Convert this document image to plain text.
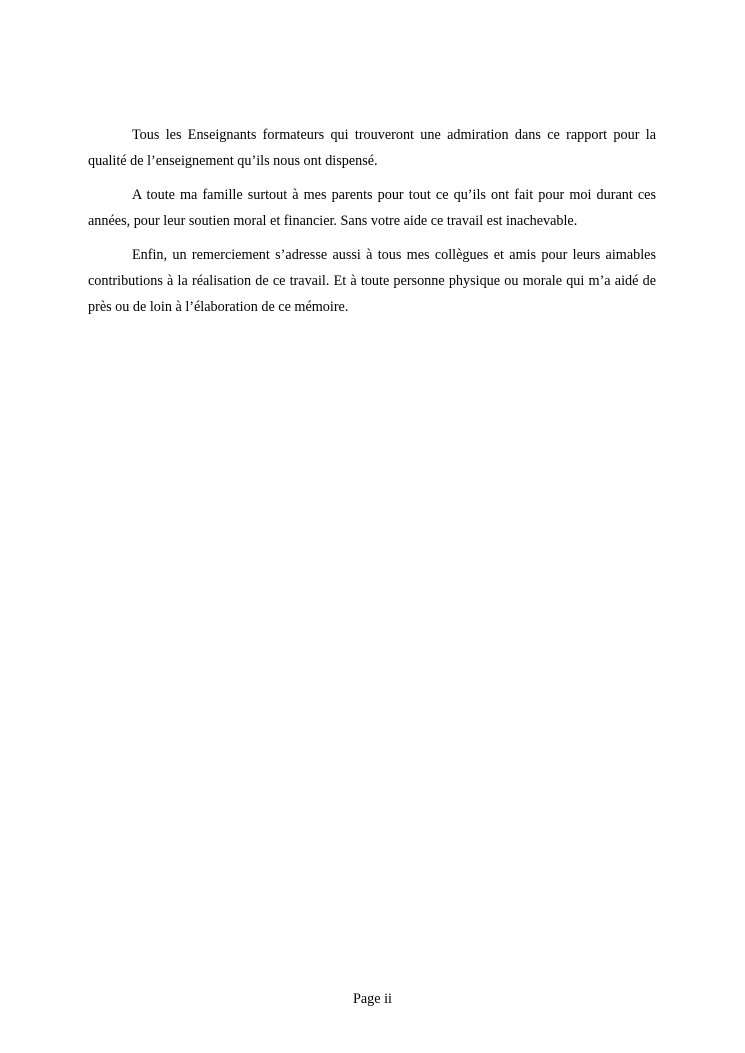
Tous les Enseignants formateurs qui trouveront une admiration dans ce rapport pour la qualité de l’enseignement qu’ils nous ont dispensé.

A toute ma famille surtout à mes parents pour tout ce qu’ils ont fait pour moi durant ces années, pour leur soutien moral et financier. Sans votre aide ce travail est inachevable.

Enfin, un remerciement s’adresse aussi à tous mes collègues et amis pour leurs aimables contributions à la réalisation de ce travail. Et à toute personne physique ou morale qui m’a aidé de près ou de loin à l’élaboration de ce mémoire.

Page ii
